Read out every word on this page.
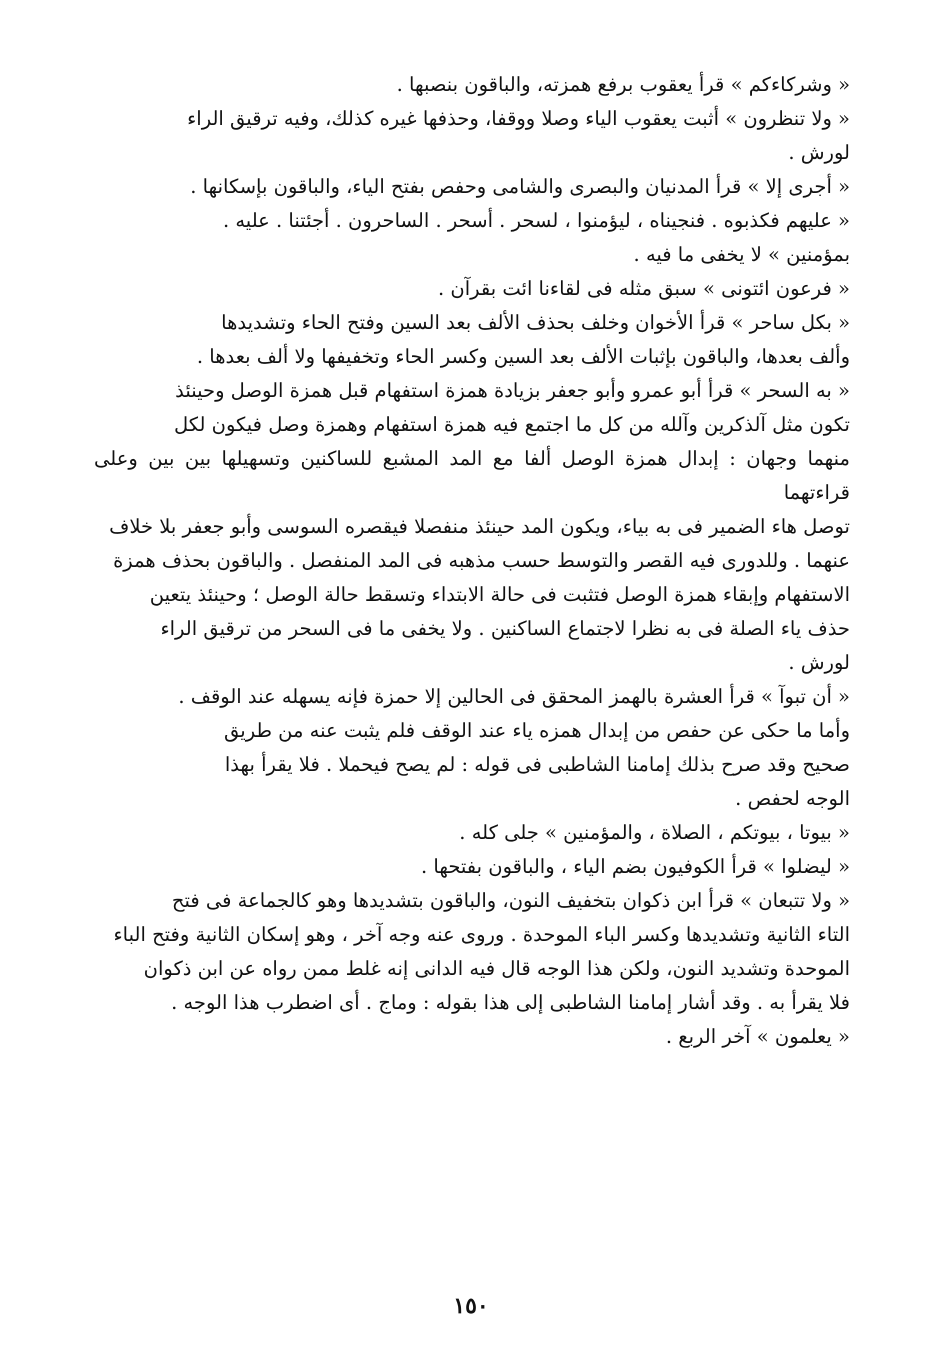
« وشركاءكم » قرأ يعقوب برفع همزته، والباقون بنصبها .

« ولا تنظرون » أثبت يعقوب الياء وصلا ووقفا، وحذفها غيره كذلك، وفيه ترقيق الراء

لورش .

« أجرى إلا » قرأ المدنيان والبصرى والشامى وحفص بفتح الياء، والباقون بإسكانها .

« عليهم فكذبوه . فنجيناه ، ليؤمنوا ، لسحر . أسحر . الساحرون . أجئتنا . عليه .

بمؤمنين » لا يخفى ما فيه .

« فرعون ائتونى » سبق مثله فى لقاءنا ائت بقرآن .

« بكل ساحر » قرأ الأخوان وخلف بحذف الألف بعد السين وفتح الحاء وتشديدها

وألف بعدها، والباقون بإثبات الألف بعد السين وكسر الحاء وتخفيفها ولا ألف بعدها .

« به السحر » قرأ أبو عمرو وأبو جعفر بزيادة همزة استفهام قبل همزة الوصل وحينئذ

تكون مثل آلذكرين وآلله من كل ما اجتمع فيه همزة استفهام وهمزة وصل فيكون لكل

منهما وجهان : إبدال همزة الوصل ألفا مع المد المشبع للساكنين وتسهيلها بين بين وعلى قراءتهما

توصل هاء الضمير فى به بياء، ويكون المد حينئذ منفصلا فيقصره السوسى وأبو جعفر بلا خلاف

عنهما . وللدورى فيه القصر والتوسط حسب مذهبه فى المد المنفصل . والباقون بحذف همزة

الاستفهام وإبقاء همزة الوصل فتثبت فى حالة الابتداء وتسقط حالة الوصل ؛ وحينئذ يتعين

حذف ياء الصلة فى به نظرا لاجتماع الساكنين . ولا يخفى ما فى السحر من ترقيق الراء

لورش .

« أن تبوآ » قرأ العشرة بالهمز المحقق فى الحالين إلا حمزة فإنه يسهله عند الوقف .

وأما ما حكى عن حفص من إبدال همزه ياء عند الوقف فلم يثبت عنه من طريق

صحيح وقد صرح بذلك إمامنا الشاطبى فى قوله : لم يصح فيحملا . فلا يقرأ بهذا

الوجه لحفص .

« بيوتا ، بيوتكم ، الصلاة ، والمؤمنين » جلى كله .

« ليضلوا » قرأ الكوفيون بضم الياء ، والباقون بفتحها .

« ولا تتبعان » قرأ ابن ذكوان بتخفيف النون، والباقون بتشديدها وهو كالجماعة فى فتح

التاء الثانية وتشديدها وكسر الباء الموحدة . وروى عنه وجه آخر ، وهو إسكان الثانية وفتح الباء

الموحدة وتشديد النون، ولكن هذا الوجه قال فيه الدانى إنه غلط ممن رواه عن ابن ذكوان

فلا يقرأ به . وقد أشار إمامنا الشاطبى إلى هذا بقوله : وماج . أى اضطرب هذا الوجه .

« يعلمون » آخر الربع .

١٥٠
